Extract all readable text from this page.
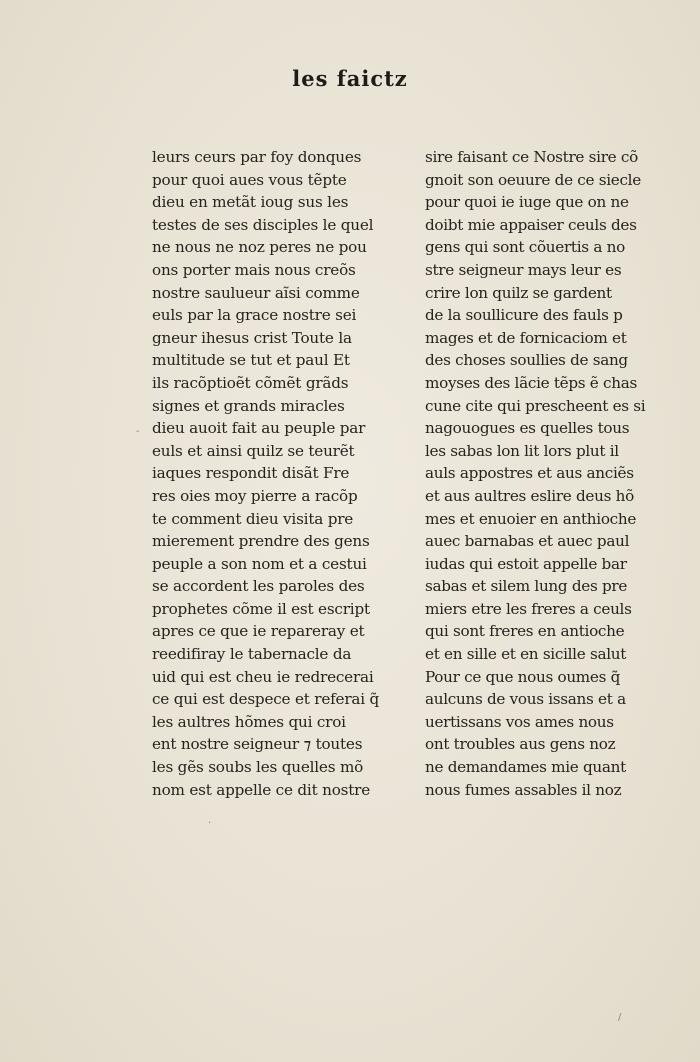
les faictz
leurs ceurs par foy donques
pour quoi aues vous tẽpte
dieu en metãt ioug sus les
testes de ses disciples le quel
ne nous ne noz peres ne pou
ons porter mais nous creõs
nostre saulueur aĩsi comme
euls par la grace nostre sei
gneur ihesus crist Toute la
multitude se tut et paul Et
ils racõptioẽt cõmẽt grãds
signes et grands miracles
dieu auoit fait au peuple par
euls et ainsi quilz se teurẽt
iaques respondit disãt Fre
res oies moy pierre a racõp
te comment dieu visita pre
mierement prendre des gens
peuple a son nom et a cestui
se accordent les paroles des
prophetes cõme il est escript
apres ce que ie repareray et
reedifiray le tabernacle da
uid qui est cheu ie redrecerai
ce qui est despece et referai q̃
les aultres hõmes qui croi
ent nostre seigneur ⁊ toutes
les gẽs soubs les quelles mõ
nom est appelle ce dit nostre
sire faisant ce Nostre sire cõ
gnoit son oeuure de ce siecle
pour quoi ie iuge que on ne
doibt mie appaiser ceuls des
gens qui sont cõuertis a no
stre seigneur mays leur es
crire lon quilz se gardent
de la soullicure des fauls p
mages et de fornicaciom et
des choses soullies de sang
moyses des lãcie tẽps ẽ chas
cune cite qui prescheent es si
nagouogues es quelles tous
les sabas lon lit lors plut il
auls appostres et aus anciẽs
et aus aultres eslire deus hõ
mes et enuoier en anthioche
auec barnabas et auec paul
iudas qui estoit appelle bar
sabas et silem lung des pre
miers etre les freres a ceuls
qui sont freres en antioche
et en sille et en sicille salut
Pour ce que nous oumes q̃
aulcuns de vous issans et a
uertissans vos ames nous
ont troubles aus gens noz
ne demandames mie quant
nous fumes assables il noz
-
·
/
